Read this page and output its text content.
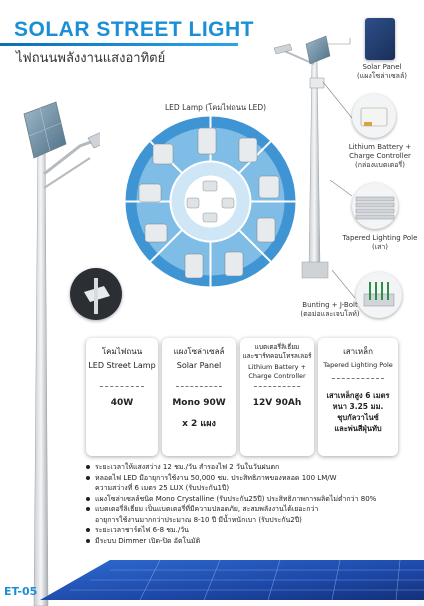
SOLAR STREET LIGHT
ไฟถนนพลังงานแสงอาทิตย์
LED Lamp (โคมไฟถนน LED)
Solar Panel
(แผงโซล่าเซลล์)
Lithium Battery +
Charge Controller
(กล่องแบตเตอรี่)
Tapered Lighting Pole
(เสา)
Bunting + J-Bolt
(ตอม่อและเจบโลท์)
โคมไฟถนน
LED Street Lamp
40W
แผงโซล่าเซลล์
Solar Panel
Mono 90W
x 2 แผง
แบตเตอรี่ลิเธี่ยม
และชาร์ทคอนโทรลเลอร์
Lithium Battery +
Charge Controller
12V 90Ah
เสาเหล็ก
Tapered Lighting Pole
เสาเหล็กสูง 6 เมตร
หนา 3.25 มม.
ชุบกัลวาไนซ์
และพ่นสีฝุ่นทับ
ระยะเวลาให้แสงสว่าง 12 ชม./วัน สำรองไฟ 2 วันในวันฝนตก
หลอดไฟ LED มีอายุการใช้งาน 50,000 ชม. ประสิทธิภาพของหลอด 100 LM/W
ความสว่างที่ 6 เมตร 25 LUX (รับประกัน1ปี)
แผงโซล่าเซลล์ชนิด Mono Crystalline (รับประกัน25ปี) ประสิทธิภาพการผลิตไม่ต่ำกว่า 80%
แบตเตอรี่ลิเธี่ยม เป็นแบตเตอรี่ที่มีความปลอดภัย, สะสมพลังงานได้เยอะกว่า
อายุการใช้งานมากกว่าประมาณ 8-10 ปี มีน้ำหนักเบา (รับประกัน2ปี)
ระยะเวลาชาร์ตไฟ 6-8 ชม./วัน
มีระบบ Dimmer เปิด-ปิด อัตโนมัติ
ET-05
